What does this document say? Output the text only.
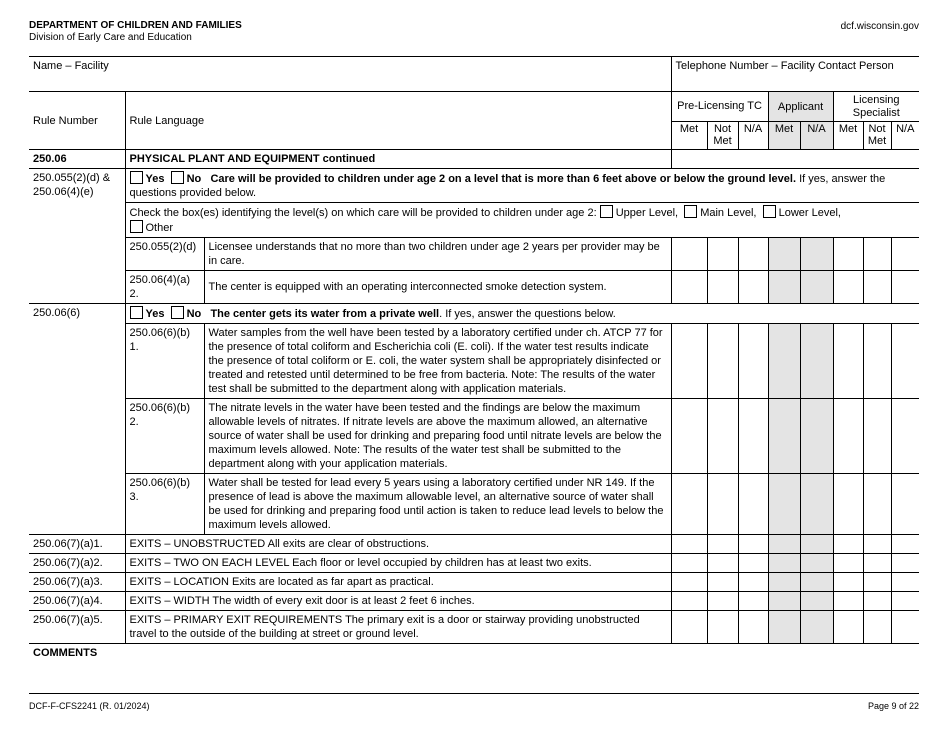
DEPARTMENT OF CHILDREN AND FAMILIES
Division of Early Care and Education
dcf.wisconsin.gov
Name – Facility			Telephone Number – Facility Contact Person							
Rule Number	Rule Language		Pre-Licensing TC			Applicant		Licensing Specialist		
			Met	Not Met	N/A	Met	N/A	Met	Not Met	N/A
250.06	PHYSICAL PLANT AND EQUIPMENT continued									
250.055(2)(d) & 250.06(4)(e)	Yes No Care will be provided to children under age 2 on a level that is more than 6 feet above or below the ground level. If yes, answer the questions provided below.									
	Check the box(es) identifying the level(s) on which care will be provided to children under age 2: Upper Level, Main Level, Lower Level,
Other									
	250.055(2)(d)	Licensee understands that no more than two children under age 2 years per provider may be in care.								
	250.06(4)(a) 2.	The center is equipped with an operating interconnected smoke detection system.								
250.06(6)	Yes No The center gets its water from a private well. If yes, answer the questions below.									
	250.06(6)(b) 1.	Water samples from the well have been tested by a laboratory certified under ch. ATCP 77 for the presence of total coliform and Escherichia coli (E. coli). If the water test results indicate the presence of total coliform or E. coli, the water system shall be appropriately disinfected or treated and retested until determined to be free from bacteria. Note: The results of the water test shall be submitted to the department along with application materials.								
	250.06(6)(b) 2.	The nitrate levels in the water have been tested and the findings are below the maximum allowable levels of nitrates. If nitrate levels are above the maximum allowed, an alternative source of water shall be used for drinking and preparing food until nitrate levels are below the maximum levels allowed. Note: The results of the water test shall be submitted to the department along with your application materials.								
	250.06(6)(b) 3.	Water shall be tested for lead every 5 years using a laboratory certified under NR 149. If the presence of lead is above the maximum allowable level, an alternative source of water shall be used for drinking and preparing food until action is taken to reduce lead levels to below the maximum levels allowed.								
250.06(7)(a)1.	EXITS – UNOBSTRUCTED All exits are clear of obstructions.									
250.06(7)(a)2.	EXITS – TWO ON EACH LEVEL Each floor or level occupied by children has at least two exits.									
250.06(7)(a)3.	EXITS – LOCATION Exits are located as far apart as practical.									
250.06(7)(a)4.	EXITS – WIDTH The width of every exit door is at least 2 feet 6 inches.									
250.06(7)(a)5.	EXITS – PRIMARY EXIT REQUIREMENTS The primary exit is a door or stairway providing unobstructed travel to the outside of the building at street or ground level.									
COMMENTS										
DCF-F-CFS2241 (R. 01/2024)	Page 9 of 22
